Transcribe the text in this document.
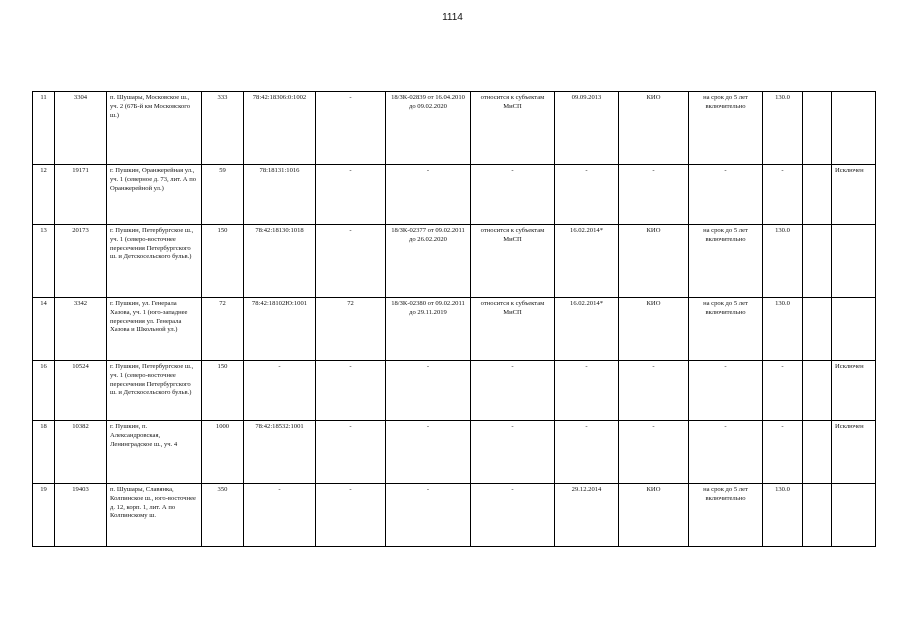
1114
11	3304	п. Шушары, Московское ш., уч. 2 (67Б-й км Московского ш.)	333	78:42:18306:0:1002	-	18/ЗК-02839 от 16.04.2010 до 09.02.2020	относится к субъектам МиСП	09.09.2013	КИО	на срок до 5 лет включительно	130.0		
12	19171	г. Пушкин, Оранжерейная ул., уч. 1 (северное д. 73, лит. А по Оранжерейной ул.)	59	78:18131:1016	-	-	-	-	-	-	-		Исключен
13	20173	г. Пушкин, Петербургское ш., уч. 1 (северо-восточнее пересечения Петербургского ш. и Детскосельского бульв.)	150	78:42:18130:1018	-	18/ЗК-02377 от 09.02.2011 до 26.02.2020	относится к субъектам МиСП	16.02.2014*	КИО	на срок до 5 лет включительно	130.0		
14	3342	г. Пушкин, ул. Генерала Хазова, уч. 1 (юго-западнее пересечения ул. Генерала Хазова и Школьной ул.)	72	78:42:18102Ю:1001	72	18/ЗК-02380 от 09.02.2011 до 29.11.2019	относится к субъектам МиСП	16.02.2014*	КИО	на срок до 5 лет включительно	130.0		
16	10524	г. Пушкин, Петербургское ш., уч. 1 (северо-восточнее пересечения Петербургского ш. и Детскосельского бульв.)	150	-	-	-	-	-	-	-	-		Исключен
18	10382	г. Пушкин, п. Александровская, Ленинградское ш., уч. 4	1000	78:42:18532:1001	-	-	-	-	-	-	-		Исключен
19	19403	п. Шушары, Славянка, Колпинское ш., юго-восточнее д. 12, корп. 1, лит. А по Колпинскому ш.	350	-	-	-	-	29.12.2014	КИО	на срок до 5 лет включительно	130.0		
